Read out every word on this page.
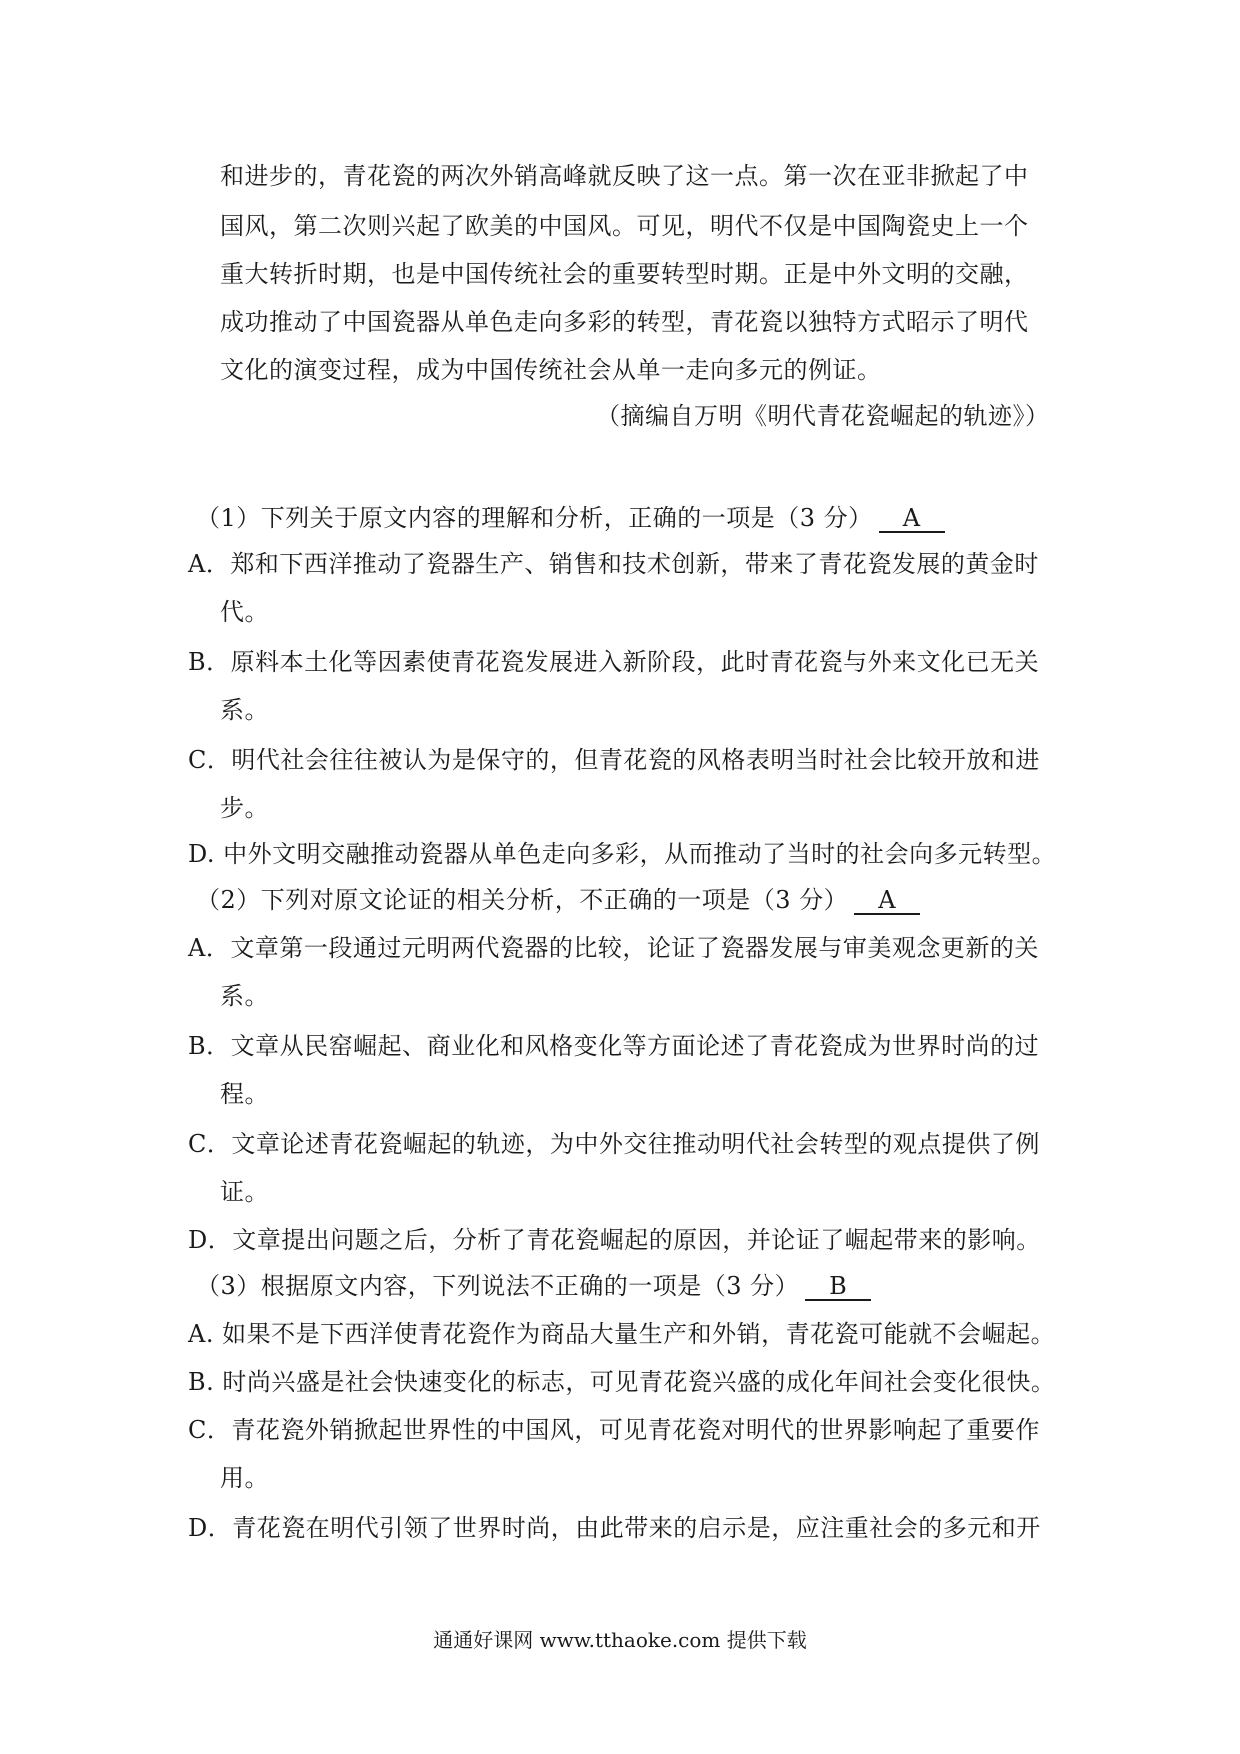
和进步的，青花瓷的两次外销高峰就反映了这一点。第一次在亚非掀起了中
国风，第二次则兴起了欧美的中国风。可见，明代不仅是中国陶瓷史上一个
重大转折时期，也是中国传统社会的重要转型时期。正是中外文明的交融，
成功推动了中国瓷器从单色走向多彩的转型，青花瓷以独特方式昭示了明代
文化的演变过程，成为中国传统社会从单一走向多元的例证。
（摘编自万明《明代青花瓷崛起的轨迹》）
（1）下列关于原文内容的理解和分析，正确的一项是（3 分） A
A．郑和下西洋推动了瓷器生产、销售和技术创新，带来了青花瓷发展的黄金时
代。
B．原料本土化等因素使青花瓷发展进入新阶段，此时青花瓷与外来文化已无关
系。
C．明代社会往往被认为是保守的，但青花瓷的风格表明当时社会比较开放和进
步。
D. 中外文明交融推动瓷器从单色走向多彩，从而推动了当时的社会向多元转型。
（2）下列对原文论证的相关分析，不正确的一项是（3 分） A
A．文章第一段通过元明两代瓷器的比较，论证了瓷器发展与审美观念更新的关
系。
B．文章从民窑崛起、商业化和风格变化等方面论述了青花瓷成为世界时尚的过
程。
C．文章论述青花瓷崛起的轨迹，为中外交往推动明代社会转型的观点提供了例
证。
D．文章提出问题之后，分析了青花瓷崛起的原因，并论证了崛起带来的影响。
（3）根据原文内容，下列说法不正确的一项是（3 分） B
A. 如果不是下西洋使青花瓷作为商品大量生产和外销，青花瓷可能就不会崛起。
B. 时尚兴盛是社会快速变化的标志，可见青花瓷兴盛的成化年间社会变化很快。
C．青花瓷外销掀起世界性的中国风，可见青花瓷对明代的世界影响起了重要作
用。
D．青花瓷在明代引领了世界时尚，由此带来的启示是，应注重社会的多元和开
通通好课网 www.tthaoke.com 提供下载
